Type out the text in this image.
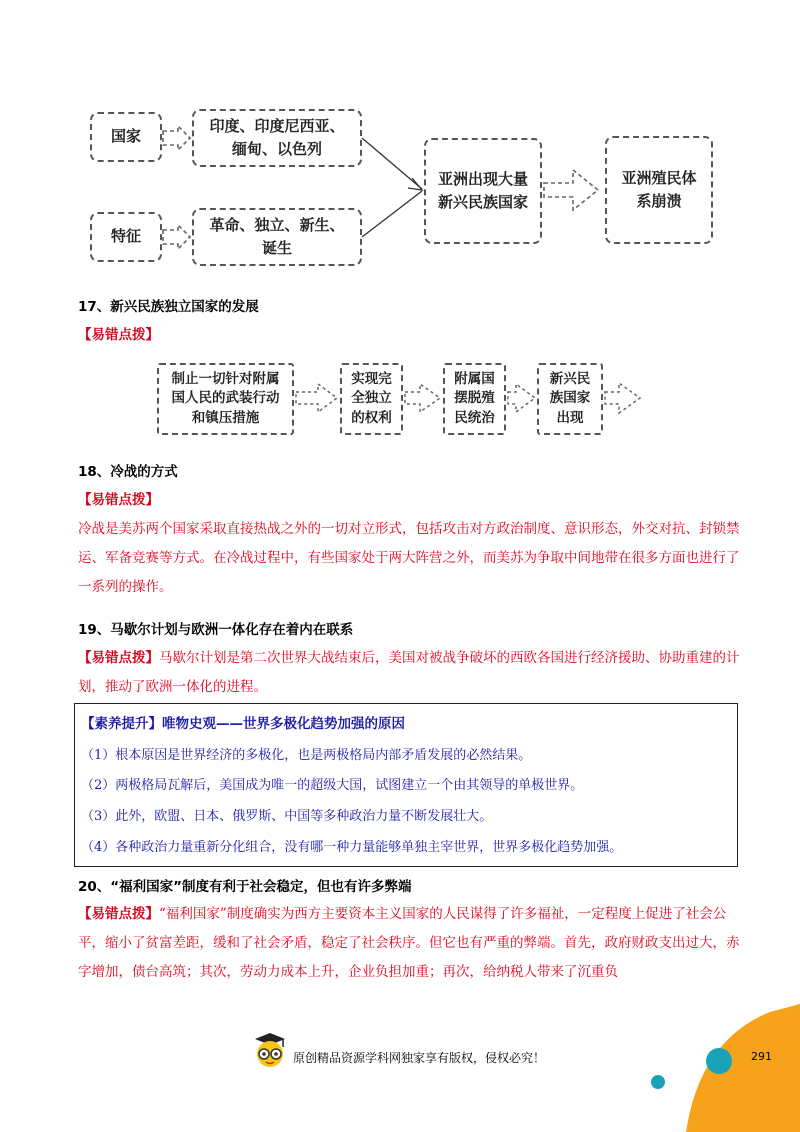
国家
印度、印度尼西亚、缅甸、以色列
特征
革命、独立、新生、诞生
亚洲出现大量新兴民族国家
亚洲殖民体系崩溃
17、新兴民族独立国家的发展
【易错点拨】
制止一切针对附属国人民的武装行动和镇压措施
实现完全独立的权利
附属国摆脱殖民统治
新兴民族国家出现
18、冷战的方式
【易错点拨】
冷战是美苏两个国家采取直接热战之外的一切对立形式，包括攻击对方政治制度、意识形态，外交对抗、封锁禁运、军备竞赛等方式。在冷战过程中，有些国家处于两大阵营之外，而美苏为争取中间地带在很多方面也进行了一系列的操作。
19、马歇尔计划与欧洲一体化存在着内在联系
【易错点拨】马歇尔计划是第二次世界大战结束后，美国对被战争破坏的西欧各国进行经济援助、协助重建的计划，推动了欧洲一体化的进程。
【素养提升】唯物史观——世界多极化趋势加强的原因
（1）根本原因是世界经济的多极化，也是两极格局内部矛盾发展的必然结果。
（2）两极格局瓦解后，美国成为唯一的超级大国，试图建立一个由其领导的单极世界。
（3）此外，欧盟、日本、俄罗斯、中国等多种政治力量不断发展壮大。
（4）各种政治力量重新分化组合，没有哪一种力量能够单独主宰世界，世界多极化趋势加强。
20、“福利国家”制度有利于社会稳定，但也有许多弊端
【易错点拨】“福利国家”制度确实为西方主要资本主义国家的人民谋得了许多福祉，一定程度上促进了社会公平，缩小了贫富差距，缓和了社会矛盾，稳定了社会秩序。但它也有严重的弊端。首先，政府财政支出过大，赤字增加，债台高筑；其次，劳动力成本上升，企业负担加重；再次，给纳税人带来了沉重负
原创精品资源学科网独家享有版权，侵权必究！	291
